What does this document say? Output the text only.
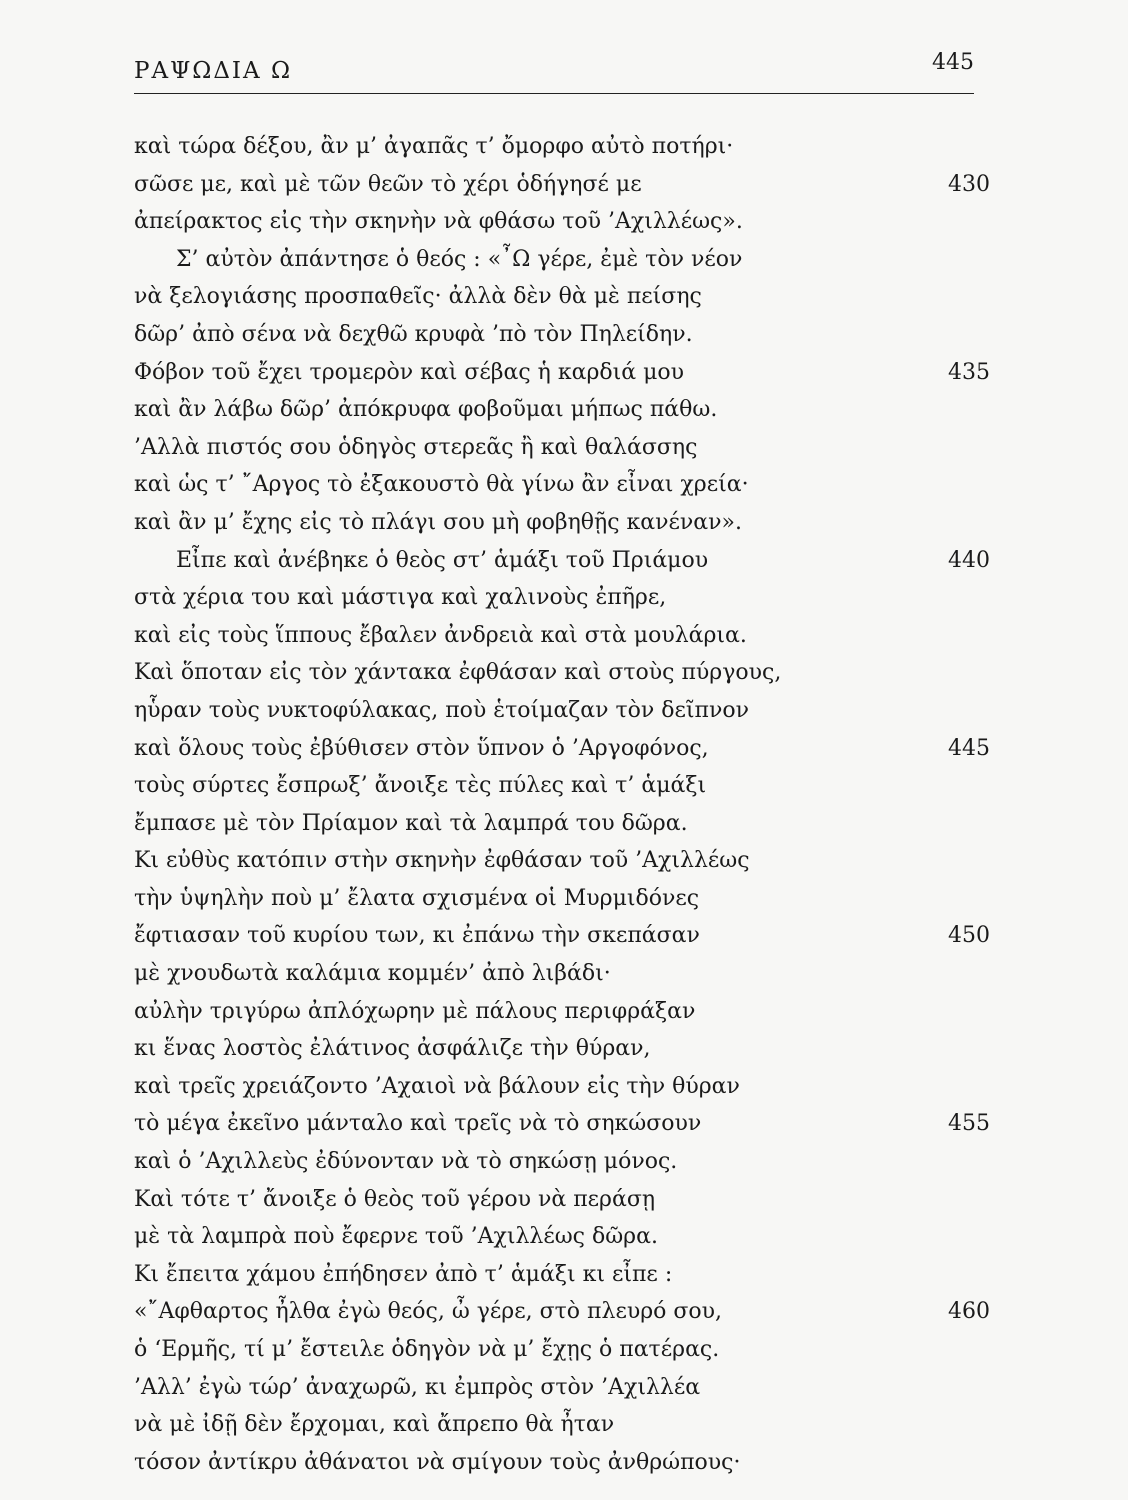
ΡΑΨΩΔΙΑ Ω	445
καὶ τώρα δέξου, ἂν μ’ ἀγαπᾶς τ’ ὄμορφο αὐτὸ ποτήρι·
σῶσε με, καὶ μὲ τῶν θεῶν τὸ χέρι ὁδήγησέ με	430
ἀπείρακτος εἰς τὴν σκηνὴν νὰ φθάσω τοῦ ’Αχιλλέως».
Σ’ αὐτὸν ἀπάντησε ὁ θεός : «῏Ω γέρε, ἐμὲ τὸν νέον
νὰ ξελογιάσης προσπαθεῖς· ἀλλὰ δὲν θὰ μὲ πείσης
δῶρ’ ἀπὸ σένα νὰ δεχθῶ κρυφὰ ’πὸ τὸν Πηλείδην.
Φόβον τοῦ ἔχει τρομερὸν καὶ σέβας ἡ καρδιά μου	435
καὶ ἂν λάβω δῶρ’ ἀπόκρυφα φοβοῦμαι μήπως πάθω.
’Αλλὰ πιστός σου ὁδηγὸς στερεᾶς ἢ καὶ θαλάσσης
καὶ ὡς τ’ ῎Αργος τὸ ἐξακουστὸ θὰ γίνω ἂν εἶναι χρεία·
καὶ ἂν μ’ ἔχης εἰς τὸ πλάγι σου μὴ φοβηθῇς κανέναν».
Εἶπε καὶ ἀνέβηκε ὁ θεὸς στ’ ἁμάξι τοῦ Πριάμου	440
στὰ χέρια του καὶ μάστιγα καὶ χαλινοὺς ἐπῆρε,
καὶ εἰς τοὺς ἵππους ἔβαλεν ἀνδρειὰ καὶ στὰ μουλάρια.
Καὶ ὅποταν εἰς τὸν χάντακα ἐφθάσαν καὶ στοὺς πύργους,
ηὗραν τοὺς νυκτοφύλακας, ποὺ ἑτοίμαζαν τὸν δεῖπνον
καὶ ὅλους τοὺς ἐβύθισεν στὸν ὕπνον ὁ ’Αργοφόνος,	445
τοὺς σύρτες ἔσπρωξ’ ἄνοιξε τὲς πύλες καὶ τ’ ἁμάξι
ἔμπασε μὲ τὸν Πρίαμον καὶ τὰ λαμπρά του δῶρα.
Κι εὐθὺς κατόπιν στὴν σκηνὴν ἐφθάσαν τοῦ ’Αχιλλέως
τὴν ὑψηλὴν ποὺ μ’ ἔλατα σχισμένα οἱ Μυρμιδόνες
ἔφτιασαν τοῦ κυρίου των, κι ἐπάνω τὴν σκεπάσαν	450
μὲ χνουδωτὰ καλάμια κομμέν’ ἀπὸ λιβάδι·
αὐλὴν τριγύρω ἀπλόχωρην μὲ πάλους περιφράξαν
κι ἕνας λοστὸς ἐλάτινος ἀσφάλιζε τὴν θύραν,
καὶ τρεῖς χρειάζοντο ’Αχαιοὶ νὰ βάλουν εἰς τὴν θύραν
τὸ μέγα ἐκεῖνο μάνταλο καὶ τρεῖς νὰ τὸ σηκώσουν	455
καὶ ὁ ’Αχιλλεὺς ἐδύνονταν νὰ τὸ σηκώσῃ μόνος.
Καὶ τότε τ’ ἄνοιξε ὁ θεὸς τοῦ γέρου νὰ περάσῃ
μὲ τὰ λαμπρὰ ποὺ ἔφερνε τοῦ ’Αχιλλέως δῶρα.
Κι ἔπειτα χάμου ἐπήδησεν ἀπὸ τ’ ἁμάξι κι εἶπε :
«῎Αφθαρτος ἦλθα ἐγὼ θεός, ὦ γέρε, στὸ πλευρό σου,	460
ὁ ‘Ερμῆς, τί μ’ ἔστειλε ὁδηγὸν νὰ μ’ ἔχῃς ὁ πατέρας.
’Αλλ’ ἐγὼ τώρ’ ἀναχωρῶ, κι ἐμπρὸς στὸν ’Αχιλλέα
νὰ μὲ ἰδῇ δὲν ἔρχομαι, καὶ ἄπρεπο θὰ ἦταν
τόσον ἀντίκρυ ἀθάνατοι νὰ σμίγουν τοὺς ἀνθρώπους·
